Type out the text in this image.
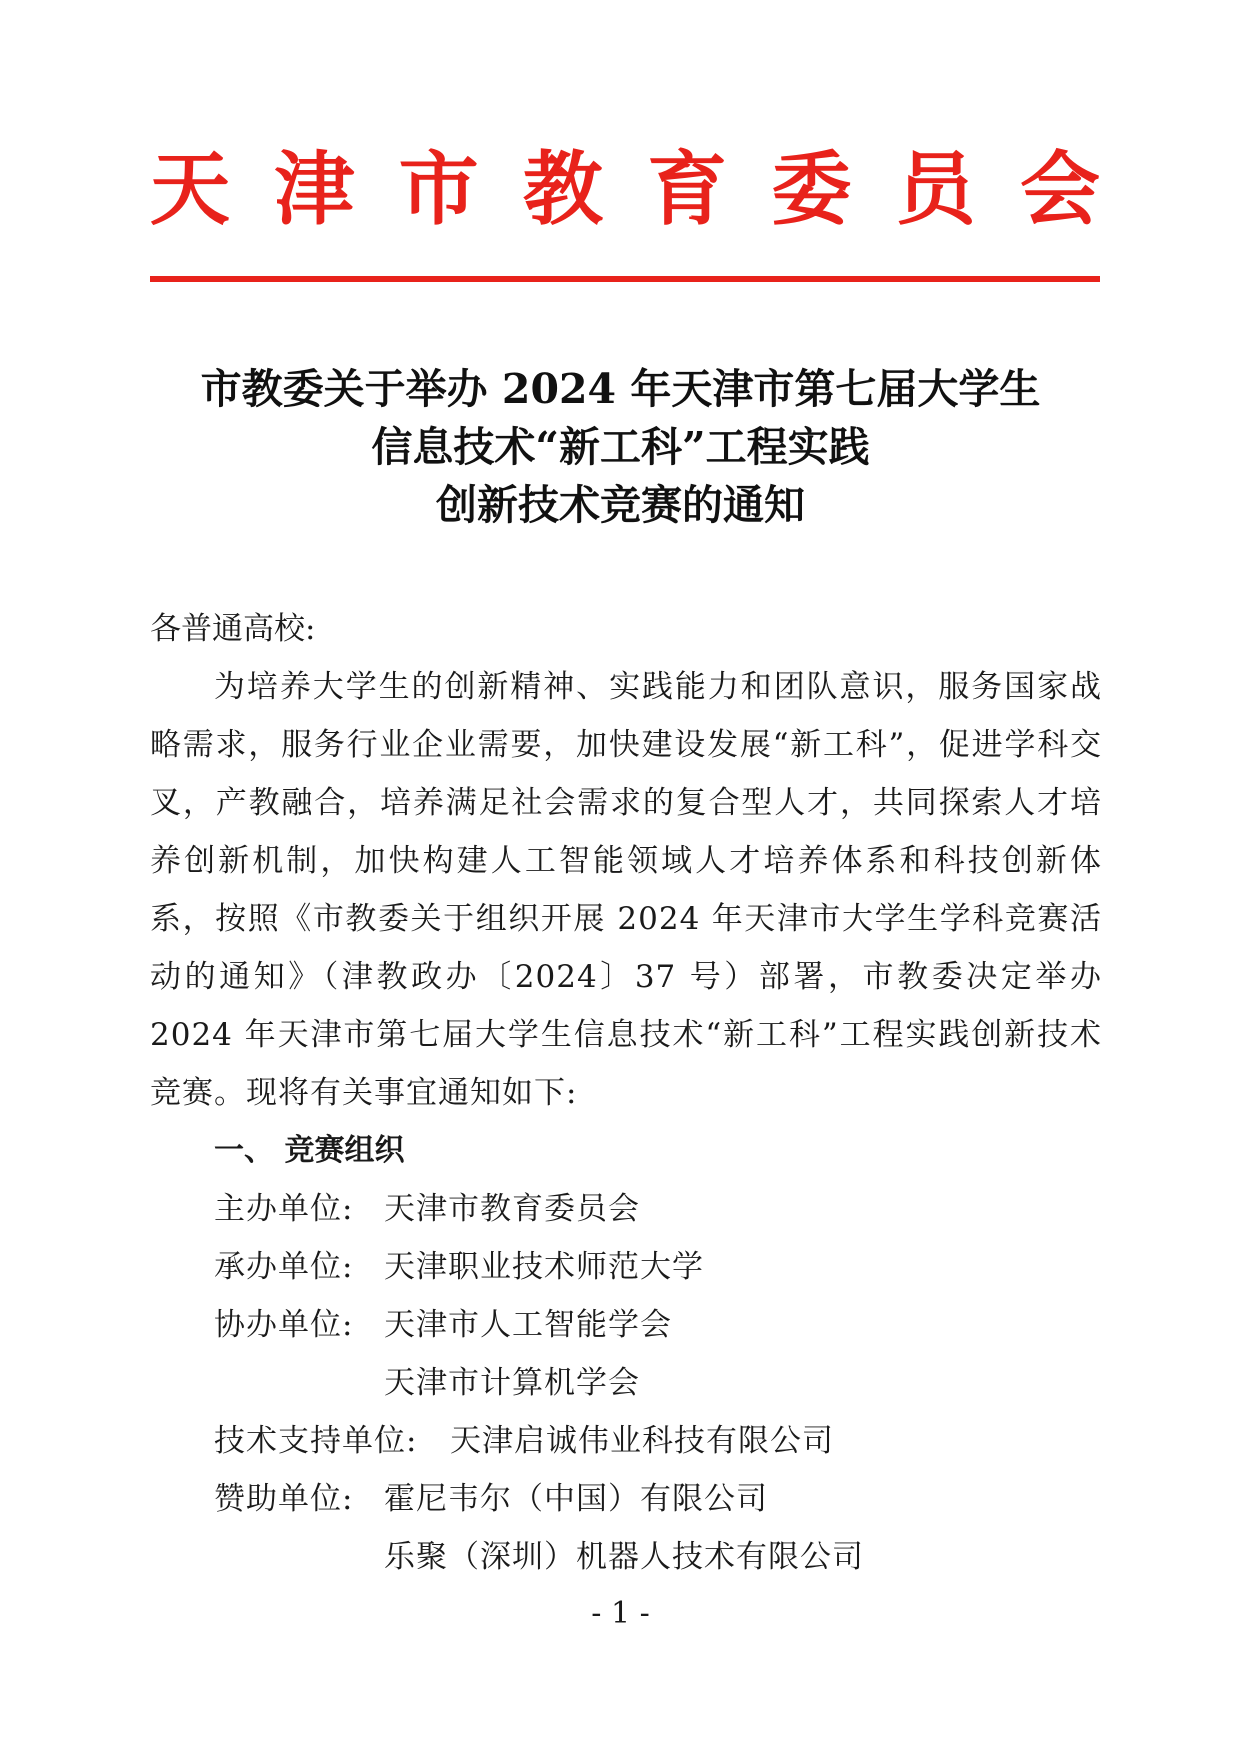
天 津 市 教 育 委 员 会
市教委关于举办 2024 年天津市第七届大学生
信息技术“新工科”工程实践
创新技术竞赛的通知
各普通高校:
为培养大学生的创新精神、实践能力和团队意识，服务国家战略需求，服务行业企业需要，加快建设发展“新工科”，促进学科交叉，产教融合，培养满足社会需求的复合型人才，共同探索人才培养创新机制，加快构建人工智能领域人才培养体系和科技创新体系，按照《市教委关于组织开展 2024 年天津市大学生学科竞赛活动的通知》（津教政办〔2024〕37 号）部署，市教委决定举办 2024 年天津市第七届大学生信息技术“新工科”工程实践创新技术竞赛。现将有关事宜通知如下:
一、 竞赛组织
主办单位: 天津市教育委员会
承办单位: 天津职业技术师范大学
协办单位: 天津市人工智能学会
天津市计算机学会
技术支持单位:	天津启诚伟业科技有限公司
赞助单位: 霍尼韦尔（中国）有限公司
乐聚（深圳）机器人技术有限公司
- 1 -
